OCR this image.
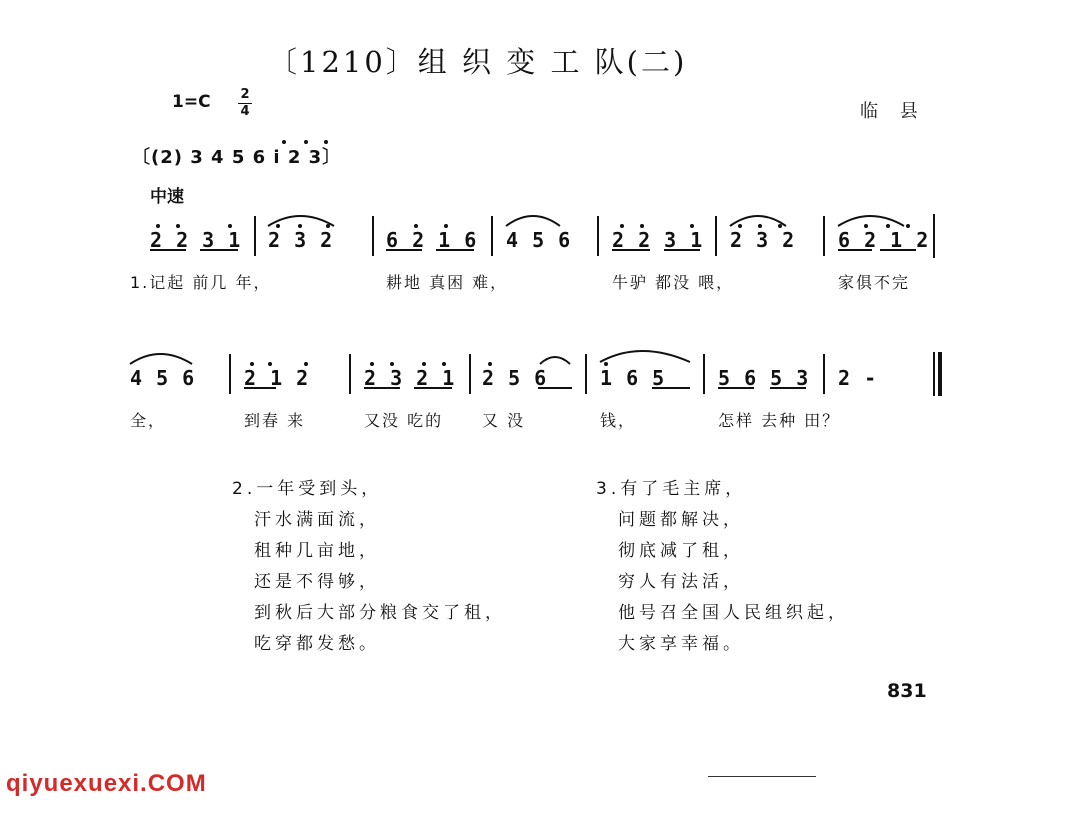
〔1210〕组 织 变 工 队(二)
1=C 2
4	临 县
〔(2) 3 4 5 6 i 2 3〕
中速
2 2 3 1 2 3 2	6 2 1 6 4 5 6 2 2 3 1 2 3 2 6 2 1 2
1.记起 前几 年，	耕地 真困 难，	牛驴 都没 喂，	家俱不完
4 5 6 2 1 2	2 3 2 1 2 5 6	1 6 5	5 6 5 3 2 -
全，	到春 来	又没 吃的 又 没	钱，	怎样 去种 田？
2.一年受到头，
汗水满面流，
租种几亩地，
还是不得够，
到秋后大部分粮食交了租，
吃穿都发愁。
3.有了毛主席，
问题都解决，
彻底减了租，
穷人有法活，
他号召全国人民组织起，
大家享幸福。
831
qiyuexuexi.COM
